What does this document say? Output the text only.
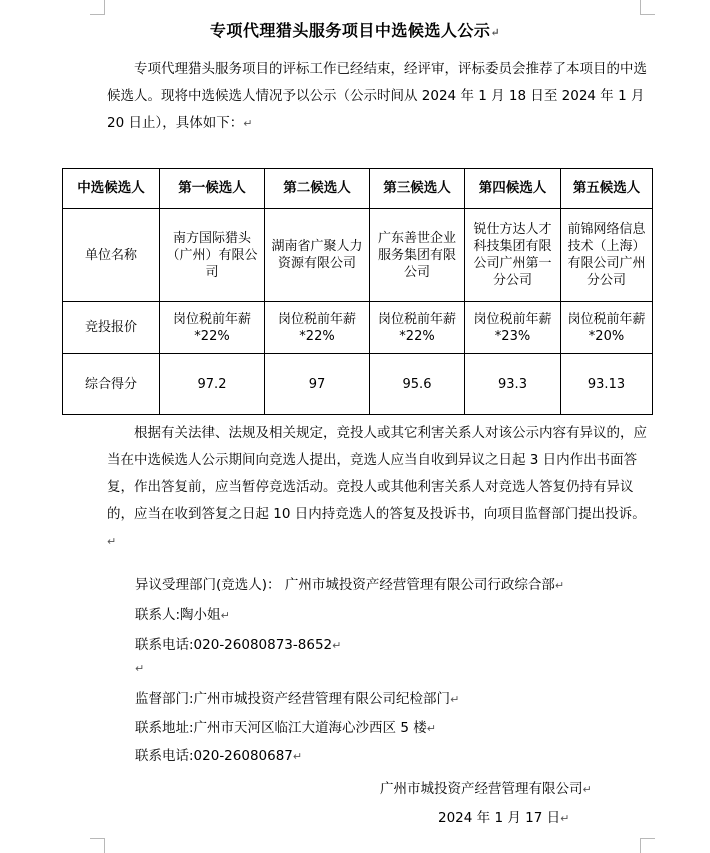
专项代理猎头服务项目中选候选人公示↵
专项代理猎头服务项目的评标工作已经结束，经评审，评标委员会推荐了本项目的中选候选人。现将中选候选人情况予以公示（公示时间从 2024 年 1 月 18 日至 2024 年 1 月 20 日止），具体如下：↵
中选候选人	第一候选人	第二候选人	第三候选人	第四候选人	第五候选人
单位名称	南方国际猎头（广州）有限公司	湖南省广聚人力资源有限公司	广东善世企业服务集团有限公司	锐仕方达人才科技集团有限公司广州第一分公司	前锦网络信息技术（上海）有限公司广州分公司
竞投报价	岗位税前年薪*22%	岗位税前年薪*22%	岗位税前年薪*22%	岗位税前年薪*23%	岗位税前年薪*20%
综合得分	97.2	97	95.6	93.3	93.13
根据有关法律、法规及相关规定，竞投人或其它利害关系人对该公示内容有异议的，应当在中选候选人公示期间向竞选人提出，竞选人应当自收到异议之日起 3 日内作出书面答复，作出答复前，应当暂停竞选活动。竞投人或其他利害关系人对竞选人答复仍持有异议的，应当在收到答复之日起 10 日内持竞选人的答复及投诉书，向项目监督部门提出投诉。↵
异议受理部门(竞选人)： 广州市城投资产经营管理有限公司行政综合部↵
联系人:陶小姐↵
联系电话:020-26080873-8652↵
↵
监督部门:广州市城投资产经营管理有限公司纪检部门↵
联系地址:广州市天河区临江大道海心沙西区 5 楼↵
联系电话:020-26080687↵
广州市城投资产经营管理有限公司↵
2024 年 1 月 17 日↵
